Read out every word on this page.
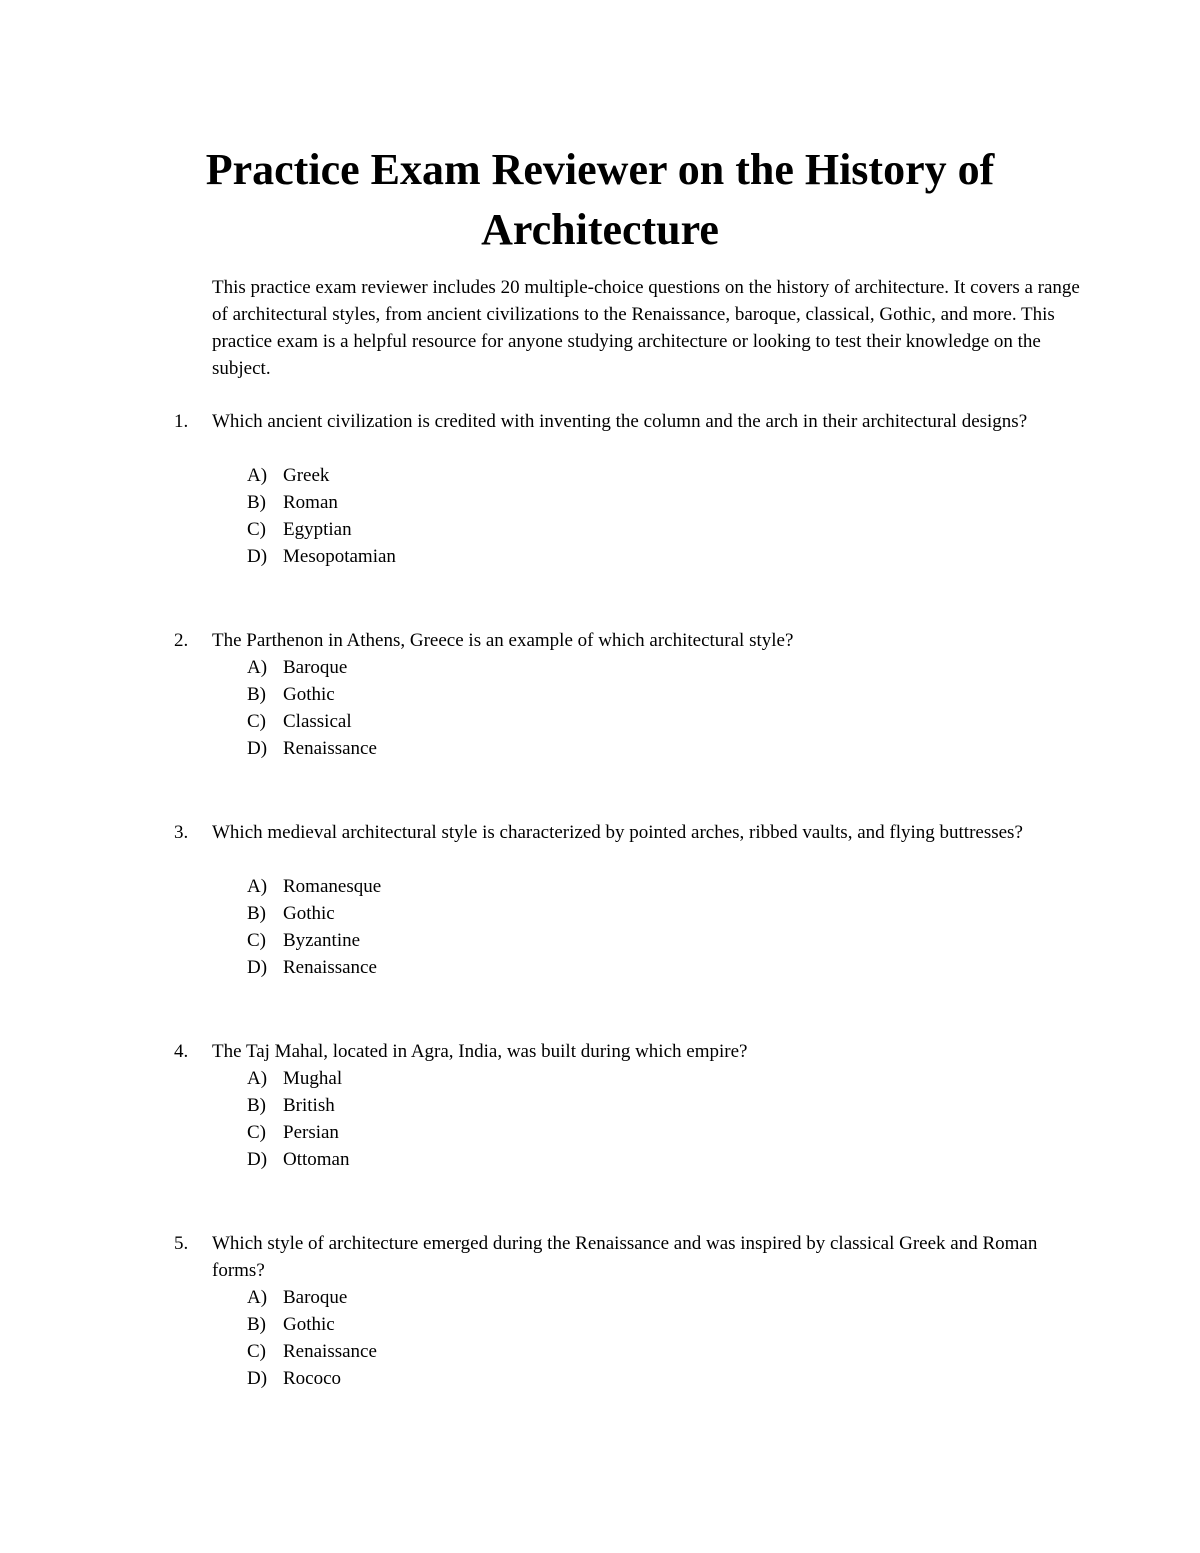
Practice Exam Reviewer on the History of Architecture
This practice exam reviewer includes 20 multiple-choice questions on the history of architecture. It covers a range of architectural styles, from ancient civilizations to the Renaissance, baroque, classical, Gothic, and more. This practice exam is a helpful resource for anyone studying architecture or looking to test their knowledge on the subject.
1. Which ancient civilization is credited with inventing the column and the arch in their architectural designs?
A) Greek
B) Roman
C) Egyptian
D) Mesopotamian
2. The Parthenon in Athens, Greece is an example of which architectural style?
A) Baroque
B) Gothic
C) Classical
D) Renaissance
3. Which medieval architectural style is characterized by pointed arches, ribbed vaults, and flying buttresses?
A) Romanesque
B) Gothic
C) Byzantine
D) Renaissance
4. The Taj Mahal, located in Agra, India, was built during which empire?
A) Mughal
B) British
C) Persian
D) Ottoman
5. Which style of architecture emerged during the Renaissance and was inspired by classical Greek and Roman forms?
A) Baroque
B) Gothic
C) Renaissance
D) Rococo
